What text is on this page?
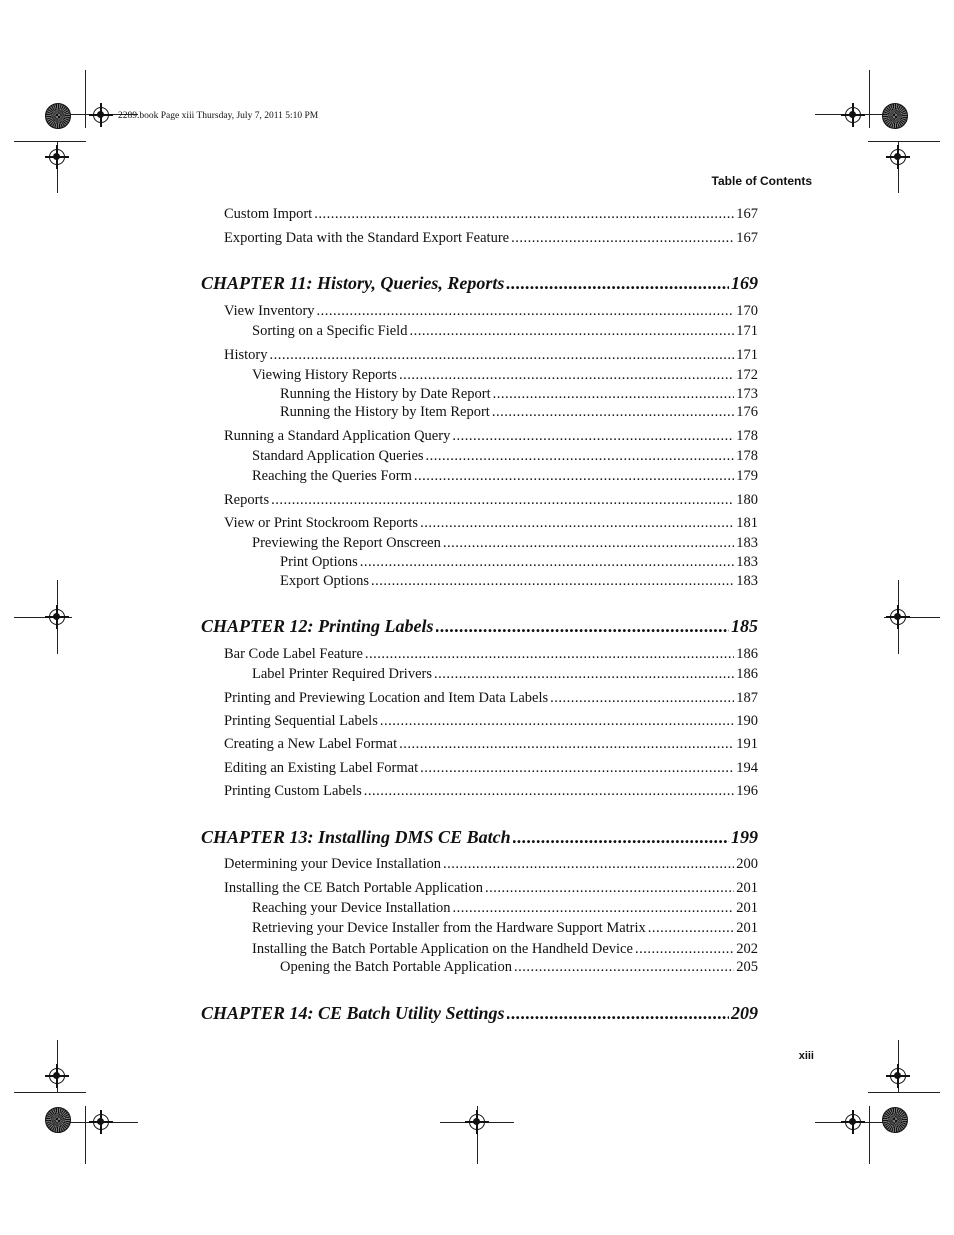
2289.book Page xiii Thursday, July 7, 2011 5:10 PM
Table of Contents
Custom Import .....	167
Exporting Data with the Standard Export Feature .....	167
CHAPTER 11: History, Queries, Reports .....	169
View Inventory .....	170
Sorting on a Specific Field .....	171
History .....	171
Viewing History Reports .....	172
Running the History by Date Report .....	173
Running the History by Item Report .....	176
Running a Standard Application Query .....	178
Standard Application Queries .....	178
Reaching the Queries Form .....	179
Reports .....	180
View or Print Stockroom Reports .....	181
Previewing the Report Onscreen .....	183
Print Options .....	183
Export Options .....	183
CHAPTER 12: Printing Labels .....	185
Bar Code Label Feature .....	186
Label Printer Required Drivers .....	186
Printing and Previewing Location and Item Data Labels .....	187
Printing Sequential Labels .....	190
Creating a New Label Format .....	191
Editing an Existing Label Format .....	194
Printing Custom Labels .....	196
CHAPTER 13: Installing DMS CE Batch .....	199
Determining your Device Installation .....	200
Installing the CE Batch Portable Application .....	201
Reaching your Device Installation .....	201
Retrieving your Device Installer from the Hardware Support Matrix .....	201
Installing the Batch Portable Application on the Handheld Device .....	202
Opening the Batch Portable Application .....	205
CHAPTER 14: CE Batch Utility Settings .....	209
xiii
